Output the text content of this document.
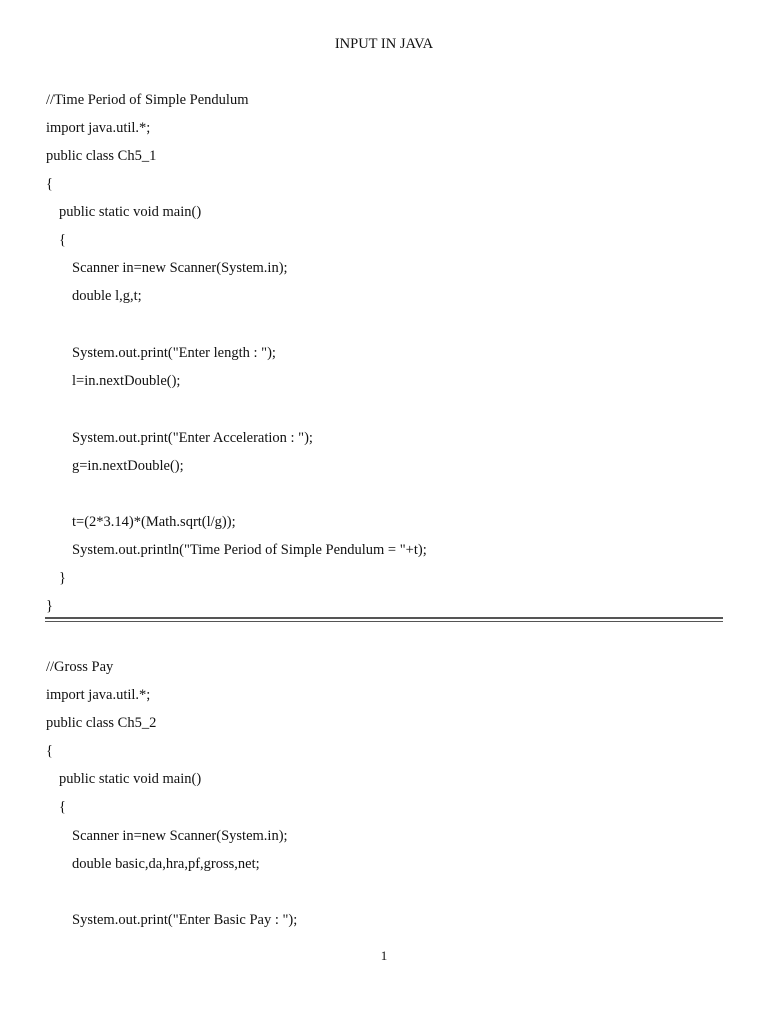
INPUT IN JAVA
//Time Period of Simple Pendulum
import java.util.*;
public class Ch5_1
{
public static void main()
{
Scanner in=new Scanner(System.in);
double l,g,t;
System.out.print("Enter length : ");
l=in.nextDouble();
System.out.print("Enter Acceleration : ");
g=in.nextDouble();
t=(2*3.14)*(Math.sqrt(l/g));
System.out.println("Time Period of Simple Pendulum = "+t);
}
}
//Gross Pay
import java.util.*;
public class Ch5_2
{
public static void main()
{
Scanner in=new Scanner(System.in);
double basic,da,hra,pf,gross,net;
System.out.print("Enter Basic Pay : ");
1
